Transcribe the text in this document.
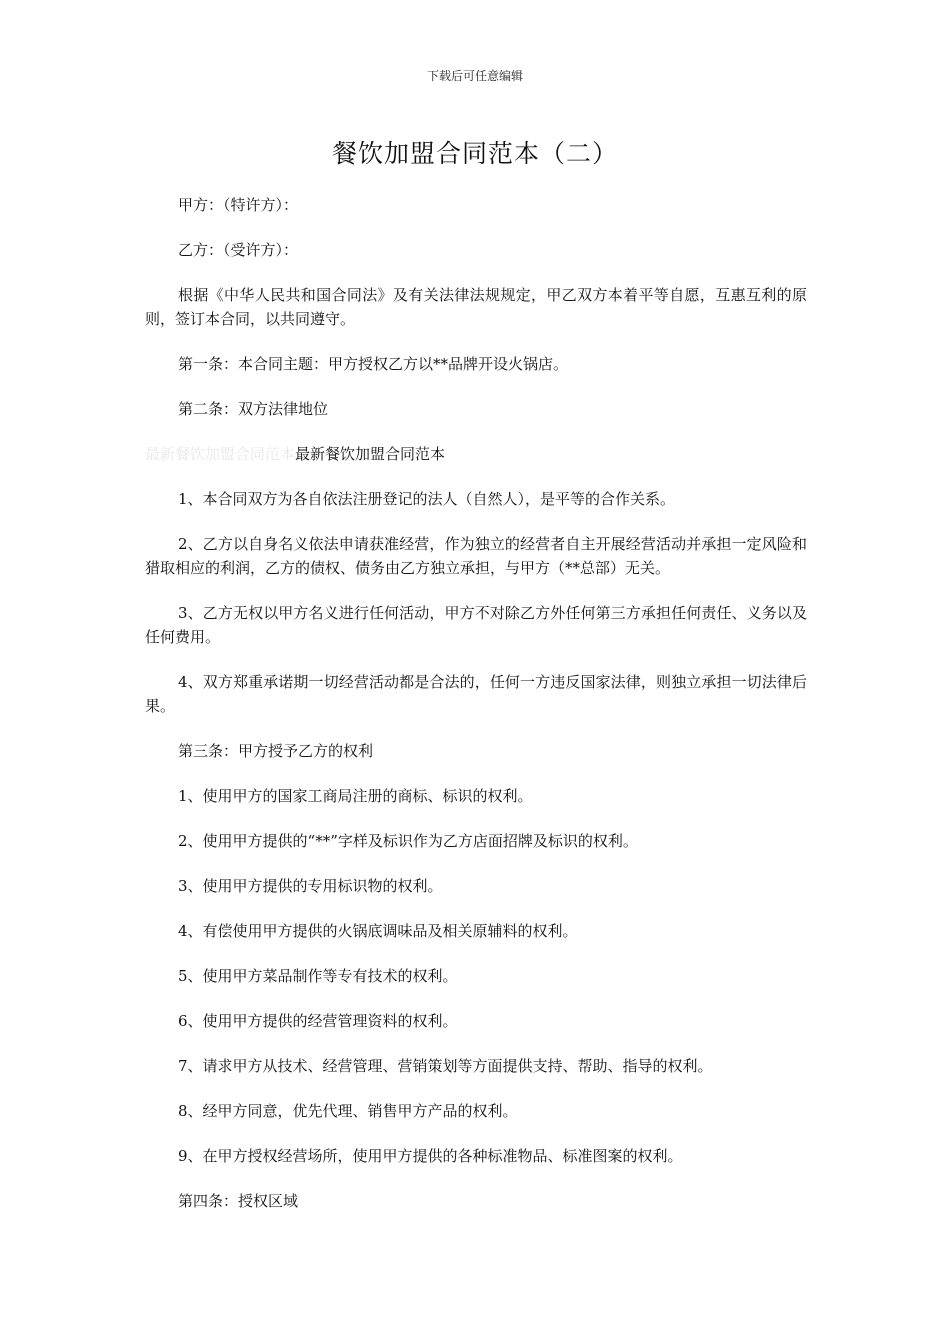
下载后可任意编辑
餐饮加盟合同范本（二）

甲方：（特许方）：

乙方：（受许方）：

根据《中华人民共和国合同法》及有关法律法规规定，甲乙双方本着平等自愿，互惠互利的原则，签订本合同，以共同遵守。

第一条：本合同主题：甲方授权乙方以**品牌开设火锅店。

第二条：双方法律地位

最新餐饮加盟合同范本最新餐饮加盟合同范本

1、本合同双方为各自依法注册登记的法人（自然人），是平等的合作关系。

2、乙方以自身名义依法申请获准经营，作为独立的经营者自主开展经营活动并承担一定风险和猎取相应的利润，乙方的债权、债务由乙方独立承担，与甲方（**总部）无关。

3、乙方无权以甲方名义进行任何活动，甲方不对除乙方外任何第三方承担任何责任、义务以及任何费用。

4、双方郑重承诺期一切经营活动都是合法的，任何一方违反国家法律，则独立承担一切法律后果。

第三条：甲方授予乙方的权利

1、使用甲方的国家工商局注册的商标、标识的权利。

2、使用甲方提供的“**”字样及标识作为乙方店面招牌及标识的权利。

3、使用甲方提供的专用标识物的权利。

4、有偿使用甲方提供的火锅底调味品及相关原辅料的权利。

5、使用甲方菜品制作等专有技术的权利。

6、使用甲方提供的经营管理资料的权利。

7、请求甲方从技术、经营管理、营销策划等方面提供支持、帮助、指导的权利。

8、经甲方同意，优先代理、销售甲方产品的权利。

9、在甲方授权经营场所，使用甲方提供的各种标准物品、标准图案的权利。

第四条：授权区域
